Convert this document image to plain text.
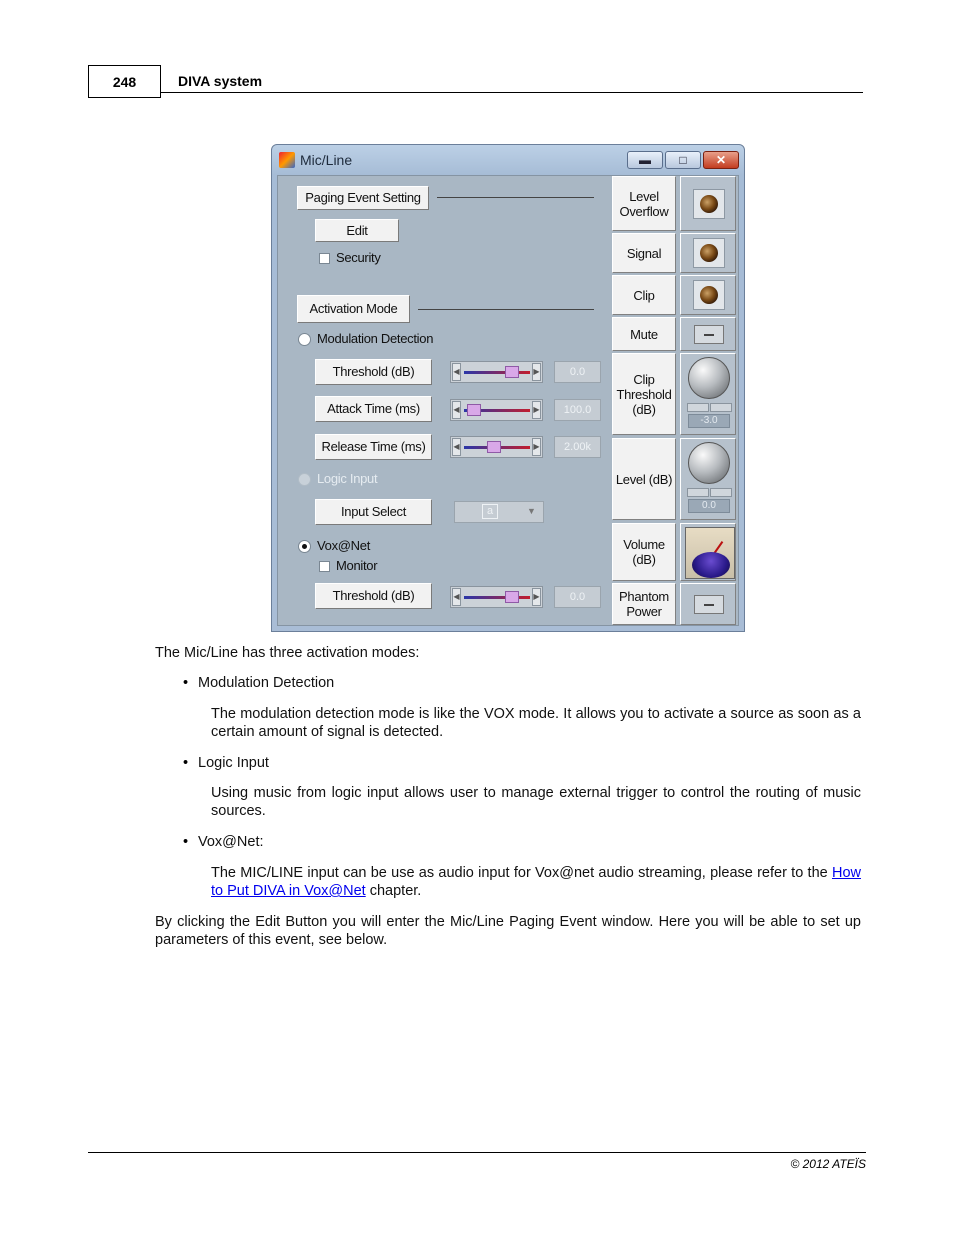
248	DIVA system
Mic/Line	▬	□	✕
Paging Event Setting
Edit
Security
Activation Mode
Modulation Detection
Threshold (dB)	◀	▶	0.0
Attack Time (ms)	◀	▶	100.0
Release Time (ms)	◀	▶	2.00k
Logic Input
Input Select	a	▼
Vox@Net
Monitor
Threshold (dB)	◀	▶	0.0
Level Overflow
Signal
Clip
Mute
Clip Threshold (dB)
-3.0
Level (dB)
0.0
Volume (dB)
Phantom Power
The Mic/Line has three activation modes:
• Modulation Detection
The modulation detection mode is like the VOX mode. It allows you to activate a source as soon as a certain amount of signal is detected.
• Logic Input
Using music from logic input allows user to manage external trigger to control the routing of music sources.
• Vox@Net:
The MIC/LINE input can be use as audio input for Vox@net audio streaming, please refer to the How to Put DIVA in Vox@Net chapter.
By clicking the Edit Button you will enter the Mic/Line Paging Event window. Here you will be able to set up parameters of this event, see below.
© 2012 ATEÏS
